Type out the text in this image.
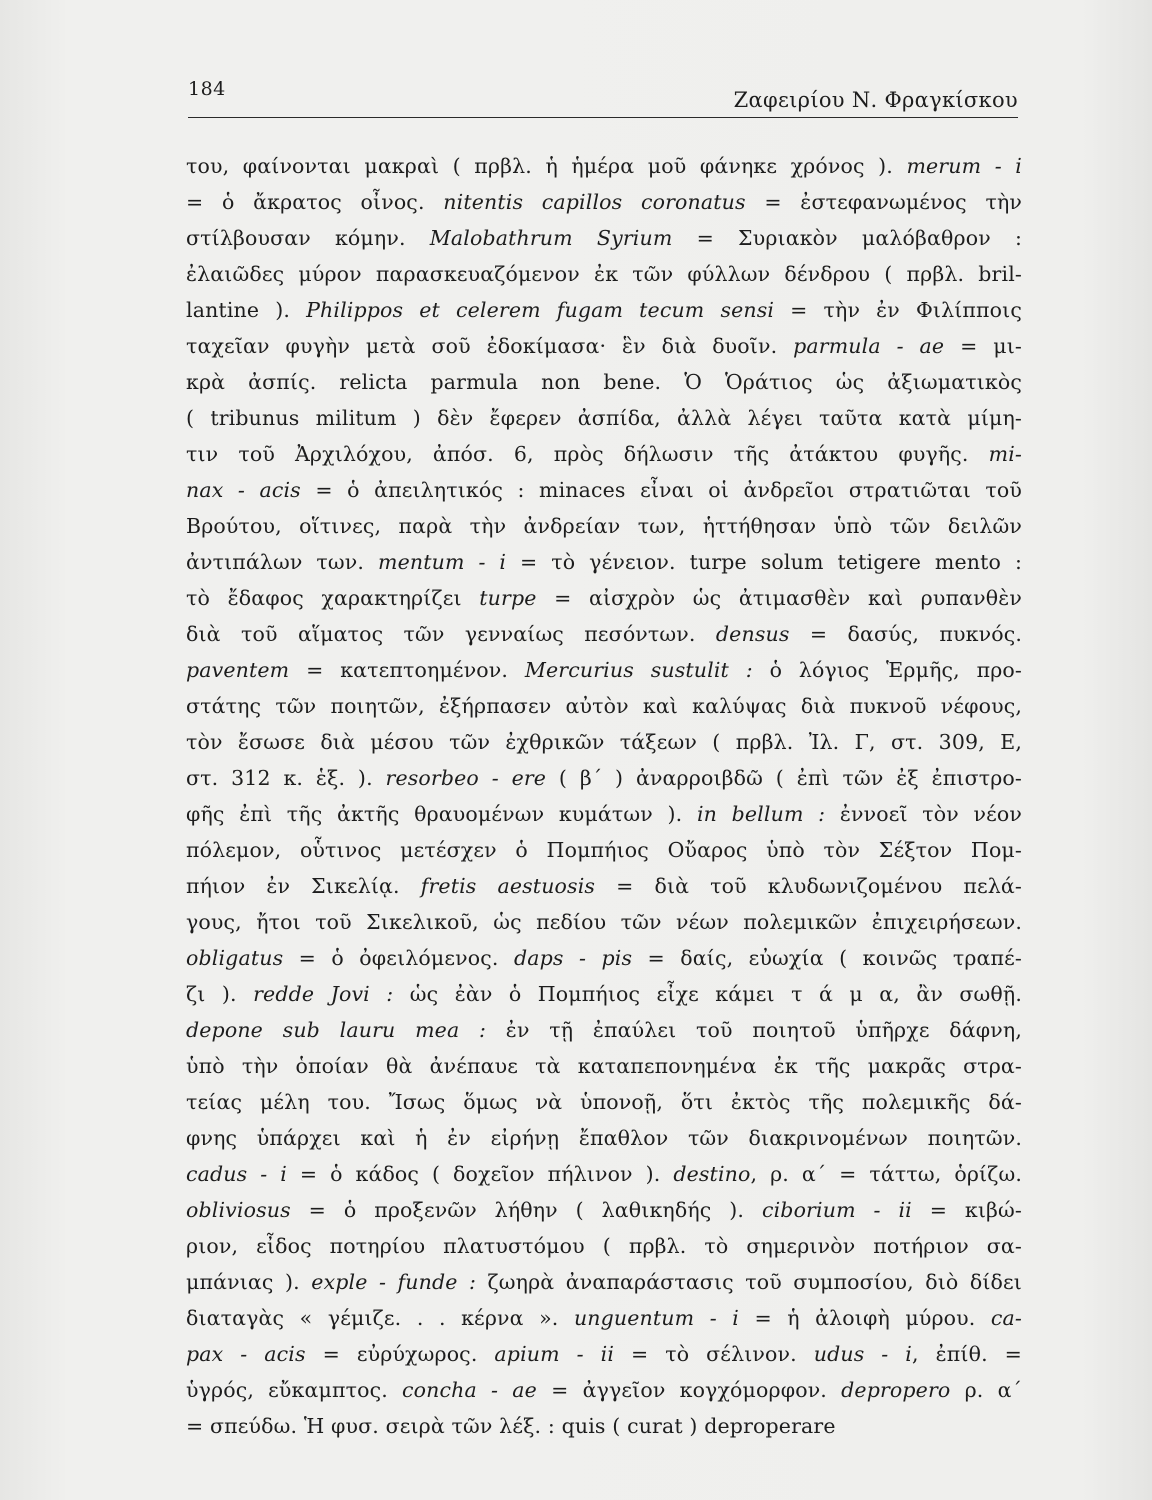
184	Ζαφειρίου Ν. Φραγκίσκου
του, φαίνονται μακραὶ ( πρβλ. ἡ ἡμέρα μοῦ φάνηκε χρόνος ). merum - i
= ὁ ἄκρατος οἶνος. nitentis capillos coronatus = ἐστεφανωμένος τὴν
στίλβουσαν κόμην. Malobathrum Syrium = Συριακὸν μαλόβαθρον :
ἐλαιῶδες μύρον παρασκευαζόμενον ἐκ τῶν φύλλων δένδρου ( πρβλ. bril-
lantine ). Philippos et celerem fugam tecum sensi = τὴν ἐν Φιλίπποις
ταχεῖαν φυγὴν μετὰ σοῦ ἐδοκίμασα· ἓν διὰ δυοῖν. parmula - ae = μι-
κρὰ ἀσπίς. relicta parmula non bene. Ὁ Ὁράτιος ὡς ἀξιωματικὸς
( tribunus militum ) δὲν ἔφερεν ἀσπίδα, ἀλλὰ λέγει ταῦτα κατὰ μίμη-
τιν τοῦ Ἀρχιλόχου, ἀπόσ. 6, πρὸς δήλωσιν τῆς ἀτάκτου φυγῆς. mi-
nax - acis = ὁ ἀπειλητικός : minaces εἶναι οἱ ἀνδρεῖοι στρατιῶται τοῦ
Βρούτου, οἵτινες, παρὰ τὴν ἀνδρείαν των, ἡττήθησαν ὑπὸ τῶν δειλῶν
ἀντιπάλων των. mentum - i = τὸ γένειον. turpe solum tetigere mento :
τὸ ἔδαφος χαρακτηρίζει turpe = αἰσχρὸν ὡς ἀτιμασθὲν καὶ ρυπανθὲν
διὰ τοῦ αἵματος τῶν γενναίως πεσόντων. densus = δασύς, πυκνός.
paventem = κατεπτοημένον. Mercurius sustulit : ὁ λόγιος Ἑρμῆς, προ-
στάτης τῶν ποιητῶν, ἐξήρπασεν αὐτὸν καὶ καλύψας διὰ πυκνοῦ νέφους,
τὸν ἔσωσε διὰ μέσου τῶν ἐχθρικῶν τάξεων ( πρβλ. Ἰλ. Γ, στ. 309, Ε,
στ. 312 κ. ἑξ. ). resorbeo - ere ( β΄ ) ἀναρροιβδῶ ( ἐπὶ τῶν ἐξ ἐπιστρο-
φῆς ἐπὶ τῆς ἀκτῆς θραυομένων κυμάτων ). in bellum : ἐννοεῖ τὸν νέον
πόλεμον, οὗτινος μετέσχεν ὁ Πομπήιος Οὔαρος ὑπὸ τὸν Σέξτον Πομ-
πήιον ἐν Σικελίᾳ. fretis aestuosis = διὰ τοῦ κλυδωνιζομένου πελά-
γους, ἤτοι τοῦ Σικελικοῦ, ὡς πεδίου τῶν νέων πολεμικῶν ἐπιχειρήσεων.
obligatus = ὁ ὀφειλόμενος. daps - pis = δαίς, εὐωχία ( κοινῶς τραπέ-
ζι ). redde Jovi : ὡς ἐὰν ὁ Πομπήιος εἶχε κάμει τ ά μ α, ἂν σωθῇ.
depone sub lauru mea : ἐν τῇ ἐπαύλει τοῦ ποιητοῦ ὑπῆρχε δάφνη,
ὑπὸ τὴν ὁποίαν θὰ ἀνέπαυε τὰ καταπεπονημένα ἐκ τῆς μακρᾶς στρα-
τείας μέλη του. Ἴσως ὅμως νὰ ὑπονοῇ, ὅτι ἐκτὸς τῆς πολεμικῆς δά-
φνης ὑπάρχει καὶ ἡ ἐν εἰρήνῃ ἔπαθλον τῶν διακρινομένων ποιητῶν.
cadus - i = ὁ κάδος ( δοχεῖον πήλινον ). destino, ρ. α΄ = τάττω, ὁρίζω.
obliviosus = ὁ προξενῶν λήθην ( λαθικηδής ). ciborium - ii = κιβώ-
ριον, εἶδος ποτηρίου πλατυστόμου ( πρβλ. τὸ σημερινὸν ποτήριον σα-
μπάνιας ). exple - funde : ζωηρὰ ἀναπαράστασις τοῦ συμποσίου, διὸ δίδει
διαταγὰς « γέμιζε. . . κέρνα ». unguentum - i = ἡ ἀλοιφὴ μύρου. ca-
pax - acis = εὐρύχωρος. apium - ii = τὸ σέλινον. udus - i, ἐπίθ. =
ὑγρός, εὔκαμπτος. concha - ae = ἀγγεῖον κογχόμορφον. depropero ρ. α΄
= σπεύδω. Ἡ φυσ. σειρὰ τῶν λέξ. : quis ( curat ) deproperare
